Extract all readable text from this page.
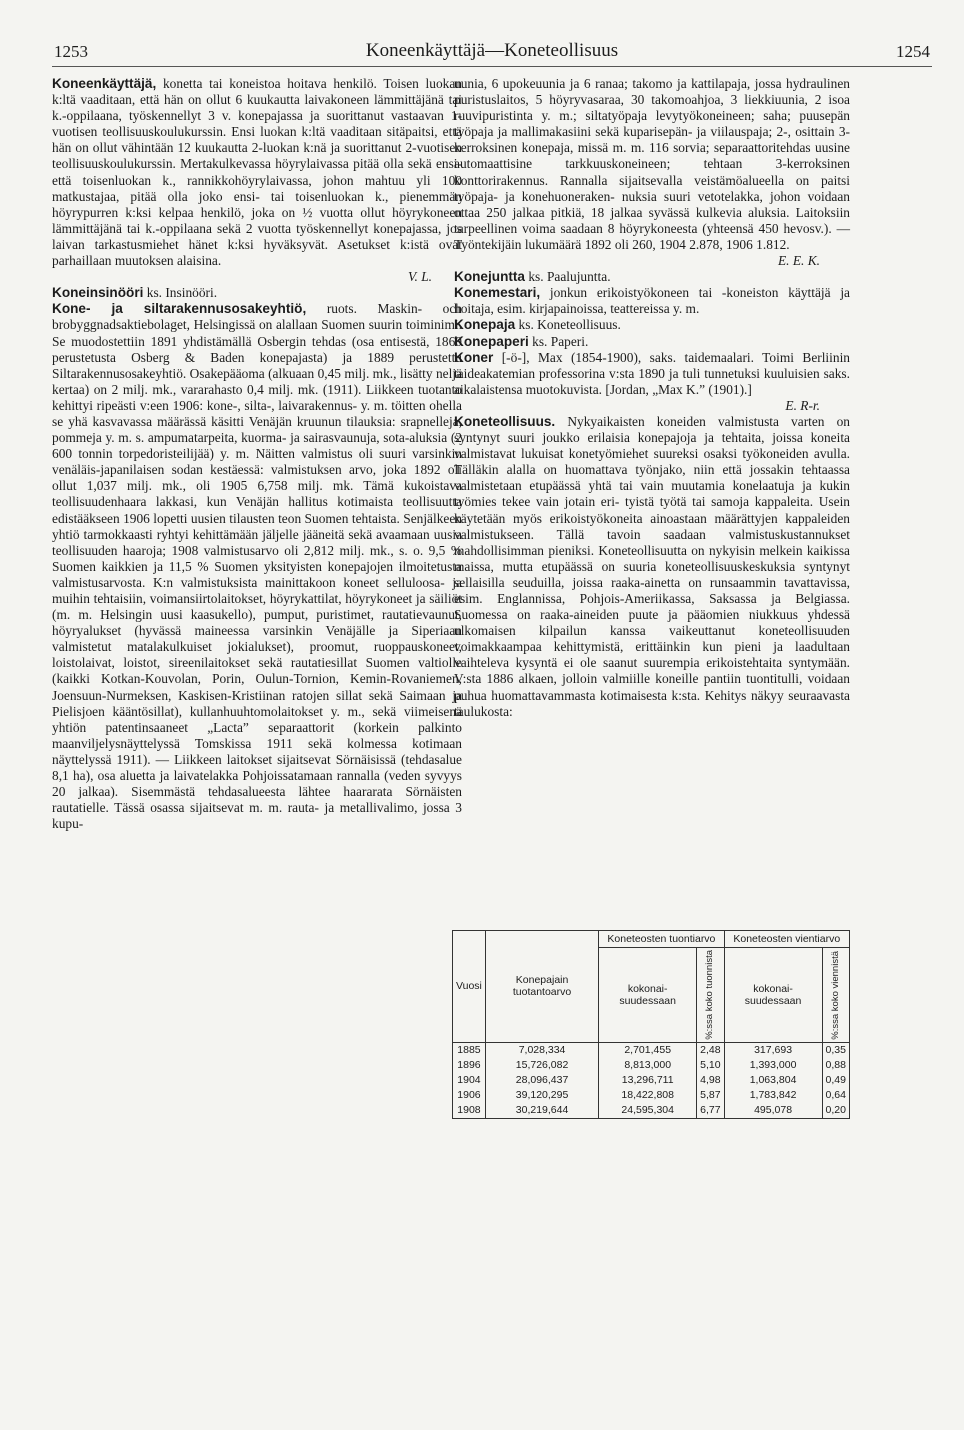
1253	Koneenkäyttäjä—Koneteollisuus	1254

Koneenkäyttäjä, konetta tai koneistoa hoitava henkilö. Toisen luokan k:ltä vaaditaan, että hän on ollut 6 kuukautta laivakoneen lämmittäjänä tai k.-oppilaana, työskennellyt 3 v. konepajassa ja suorittanut vastaavan 1-vuotisen teollisuuskoulukurssin. Ensi luokan k:ltä vaaditaan sitäpaitsi, että hän on ollut vähintään 12 kuukautta 2-luokan k:nä ja suorittanut 2-vuotisen teollisuuskoulukurssin. Mertakulkevassa höyrylaivassa pitää olla sekä ensi- että toisenluokan k., rannikkohöyrylaivassa, johon mahtuu yli 100 matkustajaa, pitää olla joko ensi- tai toisenluokan k., pienemmän höyrypurren k:ksi kelpaa henkilö, joka on ½ vuotta ollut höyrykoneen lämmittäjänä tai k.-oppilaana sekä 2 vuotta työskennellyt konepajassa, jos laivan tarkastusmiehet hänet k:ksi hyväksyvät. Asetukset k:istä ovat parhaillaan muutoksen alaisina.
V. L.

Koneinsinööri ks. Insinööri.

Kone- ja siltarakennusosakeyhtiö, ruots. Maskin- och brobyggnadsaktiebolaget, Helsingissä on alallaan Suomen suurin toiminimi. Se muodostettiin 1891 yhdistämällä Osbergin tehdas (osa entisestä, 1860 perustetusta Osberg & Baden konepajasta) ja 1889 perustettu Siltarakennusosakeyhtiö. Osakepääoma (alkuaan 0,45 milj. mk., lisätty neljä kertaa) on 2 milj. mk., vararahasto 0,4 milj. mk. (1911). Liikkeen tuotanto kehittyi ripeästi v:een 1906: kone-, silta-, laivarakennus- y. m. töitten ohella se yhä kasvavassa määrässä käsitti Venäjän kruunun tilauksia: srapnelleja, pommeja y. m. s. ampumatarpeita, kuorma- ja sairasvaunuja, sota-aluksia (2 600 tonnin torpedoristeilijää) y. m. Näitten valmistus oli suuri varsinkin venäläis-japanilaisen sodan kestäessä: valmistuksen arvo, joka 1892 oli ollut 1,037 milj. mk., oli 1905 6,758 milj. mk. Tämä kukoistava teollisuudenhaara lakkasi, kun Venäjän hallitus kotimaista teollisuutta edistääkseen 1906 lopetti uusien tilausten teon Suomen tehtaista. Senjälkeen yhtiö tarmokkaasti ryhtyi kehittämään jäljelle jääneitä sekä avaamaan uusia teollisuuden haaroja; 1908 valmistusarvo oli 2,812 milj. mk., s. o. 9,5 % Suomen kaikkien ja 11,5 % Suomen yksityisten konepajojen ilmoitetusta valmistusarvosta. K:n valmistuksista mainittakoon koneet selluloosa- ja muihin tehtaisiin, voimansiirtolaitokset, höyrykattilat, höyrykoneet ja säiliöt (m. m. Helsingin uusi kaasukello), pumput, puristimet, rautatievaunut, höyryalukset (hyvässä maineessa varsinkin Venäjälle ja Siperiaan valmistetut matalakulkuiset jokialukset), proomut, ruoppauskoneet, loistolaivat, loistot, sireenilaitokset sekä rautatiesillat Suomen valtiolle (kaikki Kotkan-Kouvolan, Porin, Oulun-Tornion, Kemin-Rovaniemen, Joensuun-Nurmeksen, Kaskisen-Kristiinan ratojen sillat sekä Saimaan ja Pielisjoen kääntösillat), kullanhuuhtomolaitokset y. m., sekä viimeisenä yhtiön patentinsaaneet „Lacta” separaattorit (korkein palkinto maanviljelysnäyttelyssä Tomskissa 1911 sekä kolmessa kotimaan näyttelyssä 1911). — Liikkeen laitokset sijaitsevat Sörnäisissä (tehdasalue 8,1 ha), osa aluetta ja laivatelakka Pohjoissatamaan rannalla (veden syvyys 20 jalkaa). Sisemmästä tehdasalueesta lähtee haararata Sörnäisten rautatielle. Tässä osassa sijaitsevat m. m. rauta- ja metallivalimo, jossa 3 kupu-

uunia, 6 upokeuunia ja 6 ranaa; takomo ja kattilapaja, jossa hydraulinen puristuslaitos, 5 höyryvasaraa, 30 takomoahjoa, 3 liekkiuunia, 2 isoa ruuvipuristinta y. m.; siltatyöpaja levytyökoneineen; saha; puusepän työpaja ja mallimakasiini sekä kuparisepän- ja viilauspaja; 2-, osittain 3-kerroksinen konepaja, missä m. m. 116 sorvia; separaattoritehdas uusine automaattisine tarkkuuskoneineen; tehtaan 3-kerroksinen konttorirakennus. Rannalla sijaitsevalla veistämöalueella on paitsi työpaja- ja konehuoneraken- nuksia suuri vetotelakka, johon voidaan ottaa 250 jalkaa pitkiä, 18 jalkaa syvässä kulkevia aluksia. Laitoksiin tarpeellinen voima saadaan 8 höyrykoneesta (yhteensä 450 hevosv.). — Työntekijäin lukumäärä 1892 oli 260, 1904 2.878, 1906 1.812.
E. E. K.

Konejuntta ks. Paalujuntta.

Konemestari, jonkun erikoistyökoneen tai -koneiston käyttäjä ja hoitaja, esim. kirjapainoissa, teattereissa y. m.

Konepaja ks. Koneteollisuus.

Konepaperi ks. Paperi.

Koner [-ö-], Max (1854-1900), saks. taidemaalari. Toimi Berliinin taideakatemian professorina v:sta 1890 ja tuli tunnetuksi kuuluisien saks. aikalaistensa muotokuvista. [Jordan, „Max K.” (1901).]
E. R-r.

Koneteollisuus. Nykyaikaisten koneiden valmistusta varten on syntynyt suuri joukko erilaisia konepajoja ja tehtaita, joissa koneita valmistavat lukuisat konetyömiehet suureksi osaksi työkoneiden avulla. Tälläkin alalla on huomattava työnjako, niin että jossakin tehtaassa valmistetaan etupäässä yhtä tai vain muutamia konelaatuja ja kukin työmies tekee vain jotain eri- tyistä työtä tai samoja kappaleita. Usein käytetään myös erikoistyökoneita ainoastaan määrättyjen kappaleiden valmistukseen. Tällä tavoin saadaan valmistuskustannukset mahdollisimman pieniksi. Koneteollisuutta on nykyisin melkein kaikissa maissa, mutta etupäässä on suuria koneteollisuuskeskuksia syntynyt sellaisilla seuduilla, joissa raaka-ainetta on runsaammin tavattavissa, esim. Englannissa, Pohjois-Ameriikassa, Saksassa ja Belgiassa. Suomessa on raaka-aineiden puute ja pääomien niukkuus yhdessä ulkomaisen kilpailun kanssa vaikeuttanut koneteollisuuden voimakkaampaa kehittymistä, erittäinkin kun pieni ja laadultaan vaihteleva kysyntä ei ole saanut suurempia erikoistehtaita syntymään. V:sta 1886 alkaen, jolloin valmiille koneille pantiin tuontitulli, voidaan puhua huomattavammasta kotimaisesta k:sta. Kehitys näkyy seuraavasta taulukosta:

Vuosi	Konepajain tuotantoarvo	Koneteosten tuontiarvo		Koneteosten vientiarvo	
		kokonai-suudessaan	%:ssa koko tuonnista	kokonai-suudessaan	%:ssa koko viennistä

1885	7,028,334	2,701,455	2,48	317,693	0,35
1896	15,726,082	8,813,000	5,10	1,393,000	0,88
1904	28,096,437	13,296,711	4,98	1,063,804	0,49
1906	39,120,295	18,422,808	5,87	1,783,842	0,64
1908	30,219,644	24,595,304	6,77	495,078	0,20
